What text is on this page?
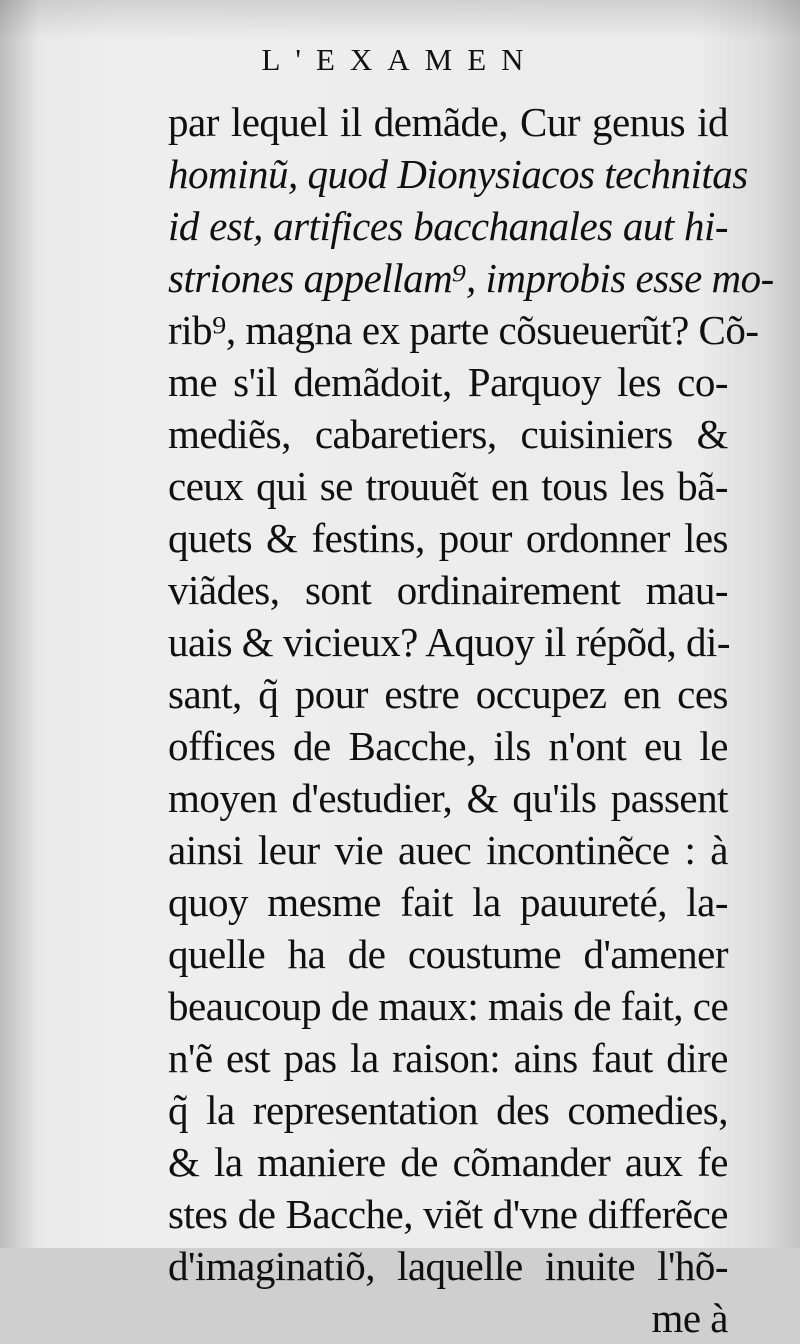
L'EXAMEN
par lequel il demãde, Cur genus id
hominũ, quod Dionysiacos technitas
id est, artifices bacchanales aut hi-
striones appellam⁹, improbis esse mo-
rib⁹, magna ex parte cõsueuerũt? Cõ-
me s'il demãdoit, Parquoy les co-
mediẽs, cabaretiers, cuisiniers &
ceux qui se trouuẽt en tous les bã-
quets & festins, pour ordonner les
viãdes, sont ordinairement mau-
uais & vicieux? Aquoy il répõd, di-
sant, q̃ pour estre occupez en ces
offices de Bacche, ils n'ont eu le
moyen d'estudier, & qu'ils passent
ainsi leur vie auec incontinẽce : à
quoy mesme fait la pauureté, la-
quelle ha de coustume d'amener
beaucoup de maux: mais de fait, ce
n'ẽ est pas la raison: ains faut dire
q̃ la representation des comedies,
& la maniere de cõmander aux fe
stes de Bacche, viẽt d'vne differẽce
d'imaginatiõ, laquelle inuite l'hõ-
me à
